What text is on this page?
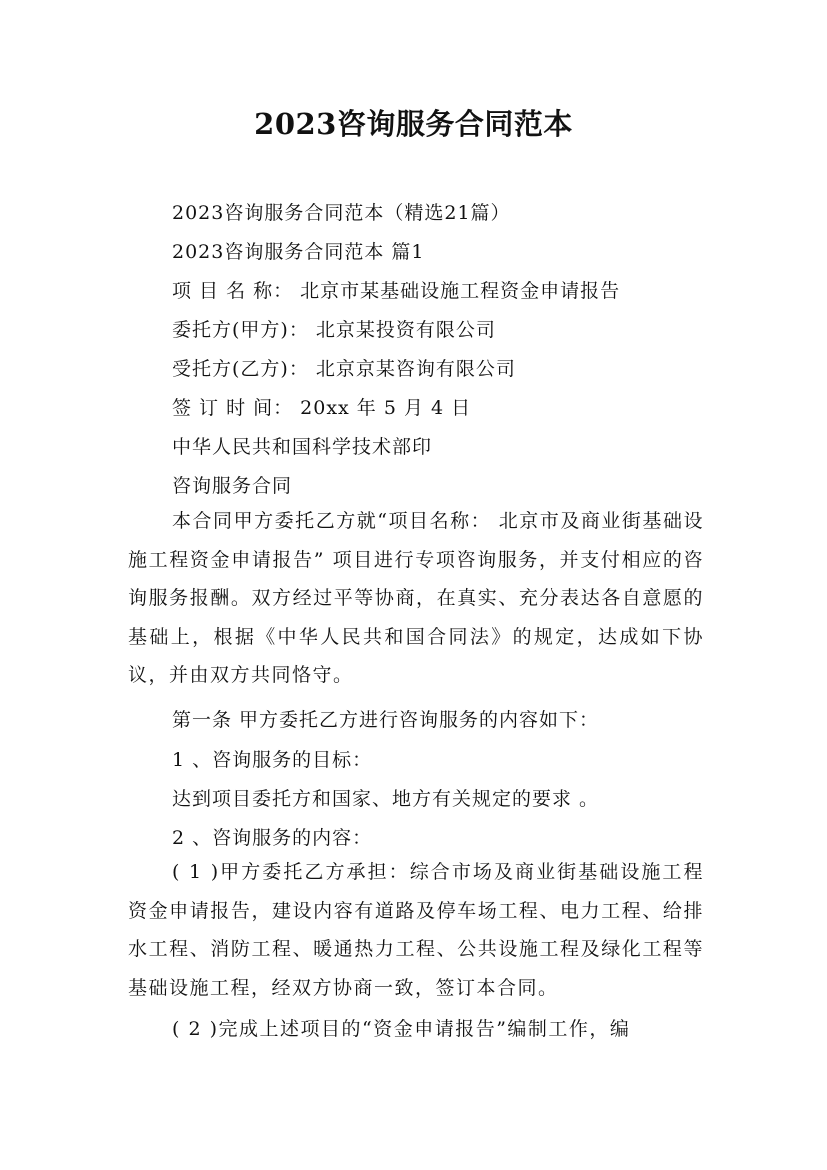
2023咨询服务合同范本
2023咨询服务合同范本（精选21篇）
2023咨询服务合同范本 篇1
项 目 名 称： 北京市某基础设施工程资金申请报告
委托方(甲方)： 北京某投资有限公司
受托方(乙方)： 北京京某咨询有限公司
签 订 时 间： 20xx 年 5 月 4 日
中华人民共和国科学技术部印
咨询服务合同
本合同甲方委托乙方就“项目名称： 北京市及商业街基础设施工程资金申请报告” 项目进行专项咨询服务，并支付相应的咨询服务报酬。双方经过平等协商，在真实、充分表达各自意愿的基础上，根据《中华人民共和国合同法》的规定，达成如下协议，并由双方共同恪守。
第一条 甲方委托乙方进行咨询服务的内容如下：
1 、咨询服务的目标：
达到项目委托方和国家、地方有关规定的要求 。
2 、咨询服务的内容：
( 1 )甲方委托乙方承担：综合市场及商业街基础设施工程资金申请报告，建设内容有道路及停车场工程、电力工程、给排水工程、消防工程、暖通热力工程、公共设施工程及绿化工程等基础设施工程，经双方协商一致，签订本合同。
( 2 )完成上述项目的“资金申请报告”编制工作，编
